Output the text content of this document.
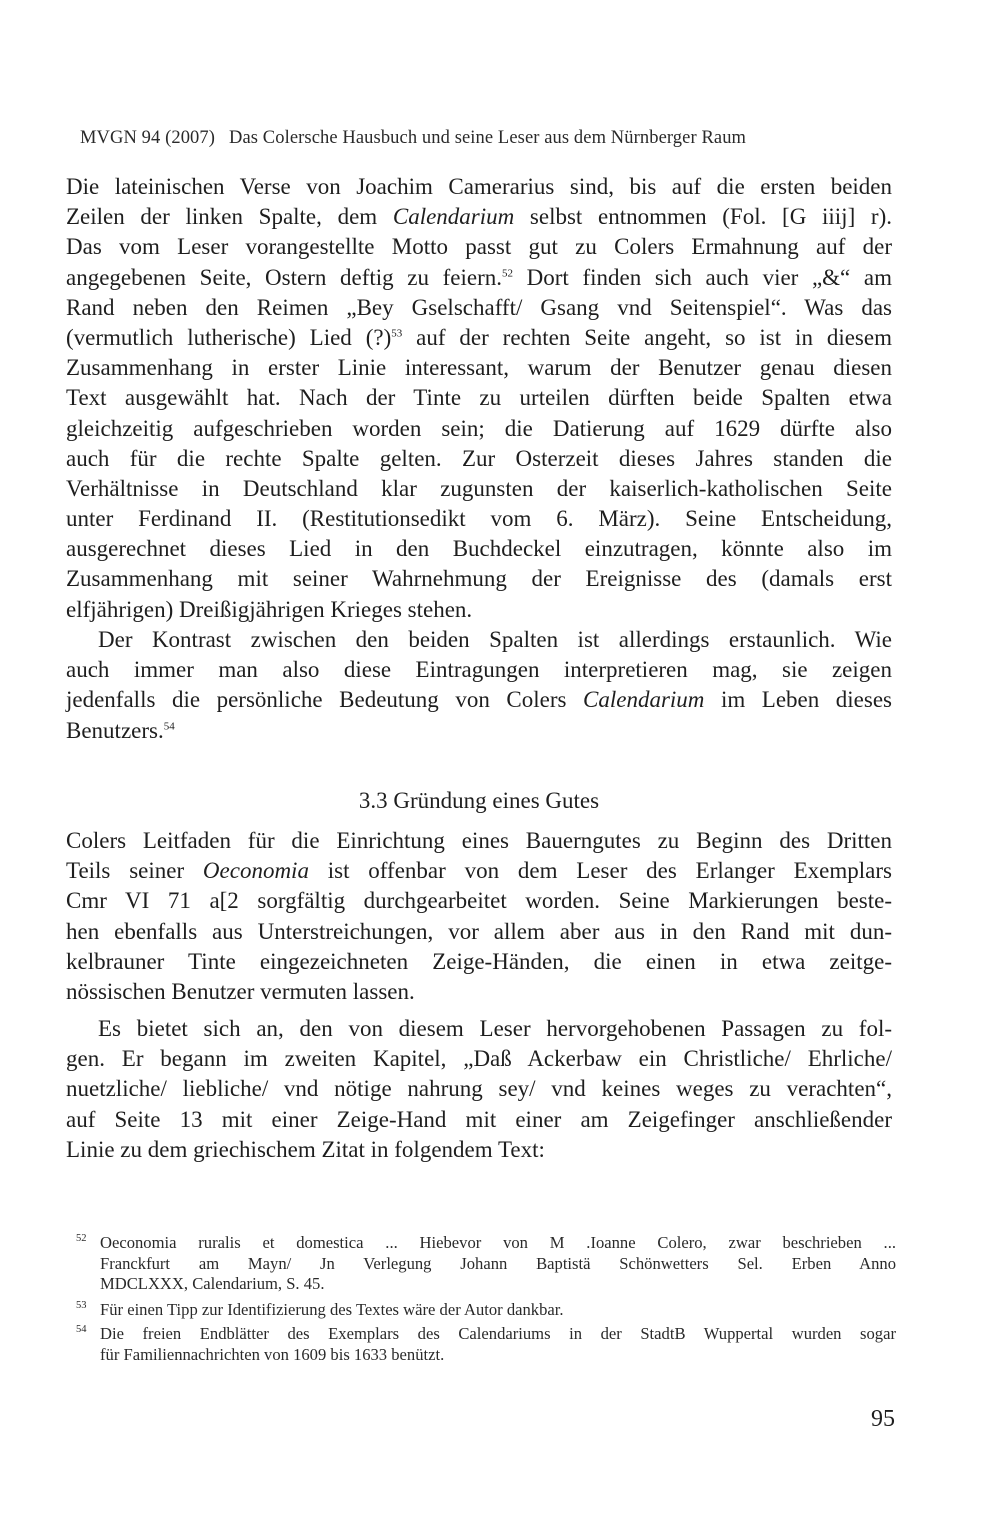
MVGN 94 (2007) Das Colersche Hausbuch und seine Leser aus dem Nürnberger Raum
Die lateinischen Verse von Joachim Camerarius sind, bis auf die ersten beiden
Zeilen der linken Spalte, dem Calendarium selbst entnommen (Fol. [G iiij] r).
Das vom Leser vorangestellte Motto passt gut zu Colers Ermahnung auf der
angegebenen Seite, Ostern deftig zu feiern.$^{52}$ Dort finden sich auch vier „&“ am
Rand neben den Reimen „Bey Gselschafft/ Gsang vnd Seitenspiel“. Was das
(vermutlich lutherische) Lied (?)$^{53}$ auf der rechten Seite angeht, so ist in diesem
Zusammenhang in erster Linie interessant, warum der Benutzer genau diesen
Text ausgewählt hat. Nach der Tinte zu urteilen dürften beide Spalten etwa
gleichzeitig aufgeschrieben worden sein; die Datierung auf 1629 dürfte also
auch für die rechte Spalte gelten. Zur Osterzeit dieses Jahres standen die
Verhältnisse in Deutschland klar zugunsten der kaiserlich-katholischen Seite
unter Ferdinand II. (Restitutionsedikt vom 6. März). Seine Entscheidung,
ausgerechnet dieses Lied in den Buchdeckel einzutragen, könnte also im
Zusammenhang mit seiner Wahrnehmung der Ereignisse des (damals erst
elfjährigen) Dreißigjährigen Krieges stehen.
Der Kontrast zwischen den beiden Spalten ist allerdings erstaunlich. Wie
auch immer man also diese Eintragungen interpretieren mag, sie zeigen
jedenfalls die persönliche Bedeutung von Colers Calendarium im Leben dieses
Benutzers.$^{54}$
3.3 Gründung eines Gutes
Colers Leitfaden für die Einrichtung eines Bauerngutes zu Beginn des Dritten
Teils seiner Oeconomia ist offenbar von dem Leser des Erlanger Exemplars
Cmr VI 71 a[2 sorgfältig durchgearbeitet worden. Seine Markierungen beste-
hen ebenfalls aus Unterstreichungen, vor allem aber aus in den Rand mit dun-
kelbrauner Tinte eingezeichneten Zeige-Händen, die einen in etwa zeitge-
nössischen Benutzer vermuten lassen.
Es bietet sich an, den von diesem Leser hervorgehobenen Passagen zu fol-
gen. Er begann im zweiten Kapitel, „Daß Ackerbaw ein Christliche/ Ehrliche/
nuetzliche/ liebliche/ vnd nötige nahrung sey/ vnd keines weges zu verachten“,
auf Seite 13 mit einer Zeige-Hand mit einer am Zeigefinger anschließender
Linie zu dem griechischem Zitat in folgendem Text:
52 Oeconomia ruralis et domestica ... Hiebevor von M .Ioanne Colero, zwar beschrieben ...
Franckfurt am Mayn/ Jn Verlegung Johann Baptistä Schönwetters Sel. Erben Anno
MDCLXXX, Calendarium, S. 45.
53 Für einen Tipp zur Identifizierung des Textes wäre der Autor dankbar.
54 Die freien Endblätter des Exemplars des Calendariums in der StadtB Wuppertal wurden sogar
für Familiennachrichten von 1609 bis 1633 benützt.
95
